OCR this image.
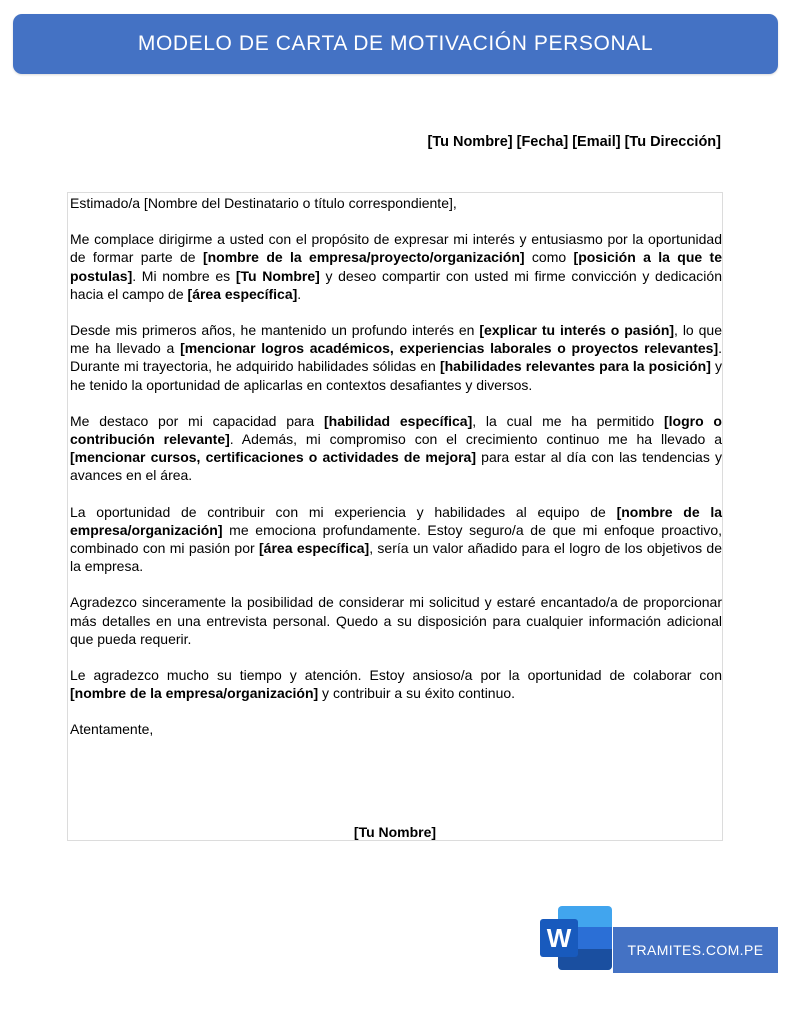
MODELO DE CARTA DE MOTIVACIÓN PERSONAL
[Tu Nombre] [Fecha] [Email] [Tu Dirección]

Estimado/a [Nombre del Destinatario o título correspondiente],

Me complace dirigirme a usted con el propósito de expresar mi interés y entusiasmo por la oportunidad de formar parte de [nombre de la empresa/proyecto/organización] como [posición a la que te postulas]. Mi nombre es [Tu Nombre] y deseo compartir con usted mi firme convicción y dedicación hacia el campo de [área específica].

Desde mis primeros años, he mantenido un profundo interés en [explicar tu interés o pasión], lo que me ha llevado a [mencionar logros académicos, experiencias laborales o proyectos relevantes]. Durante mi trayectoria, he adquirido habilidades sólidas en [habilidades relevantes para la posición] y he tenido la oportunidad de aplicarlas en contextos desafiantes y diversos.

Me destaco por mi capacidad para [habilidad específica], la cual me ha permitido [logro o contribución relevante]. Además, mi compromiso con el crecimiento continuo me ha llevado a [mencionar cursos, certificaciones o actividades de mejora] para estar al día con las tendencias y avances en el área.

La oportunidad de contribuir con mi experiencia y habilidades al equipo de [nombre de la empresa/organización] me emociona profundamente. Estoy seguro/a de que mi enfoque proactivo, combinado con mi pasión por [área específica], sería un valor añadido para el logro de los objetivos de la empresa.

Agradezco sinceramente la posibilidad de considerar mi solicitud y estaré encantado/a de proporcionar más detalles en una entrevista personal. Quedo a su disposición para cualquier información adicional que pueda requerir.

Le agradezco mucho su tiempo y atención. Estoy ansioso/a por la oportunidad de colaborar con [nombre de la empresa/organización] y contribuir a su éxito continuo.

Atentamente,

[Tu Nombre]
W	TRAMITES.COM.PE
